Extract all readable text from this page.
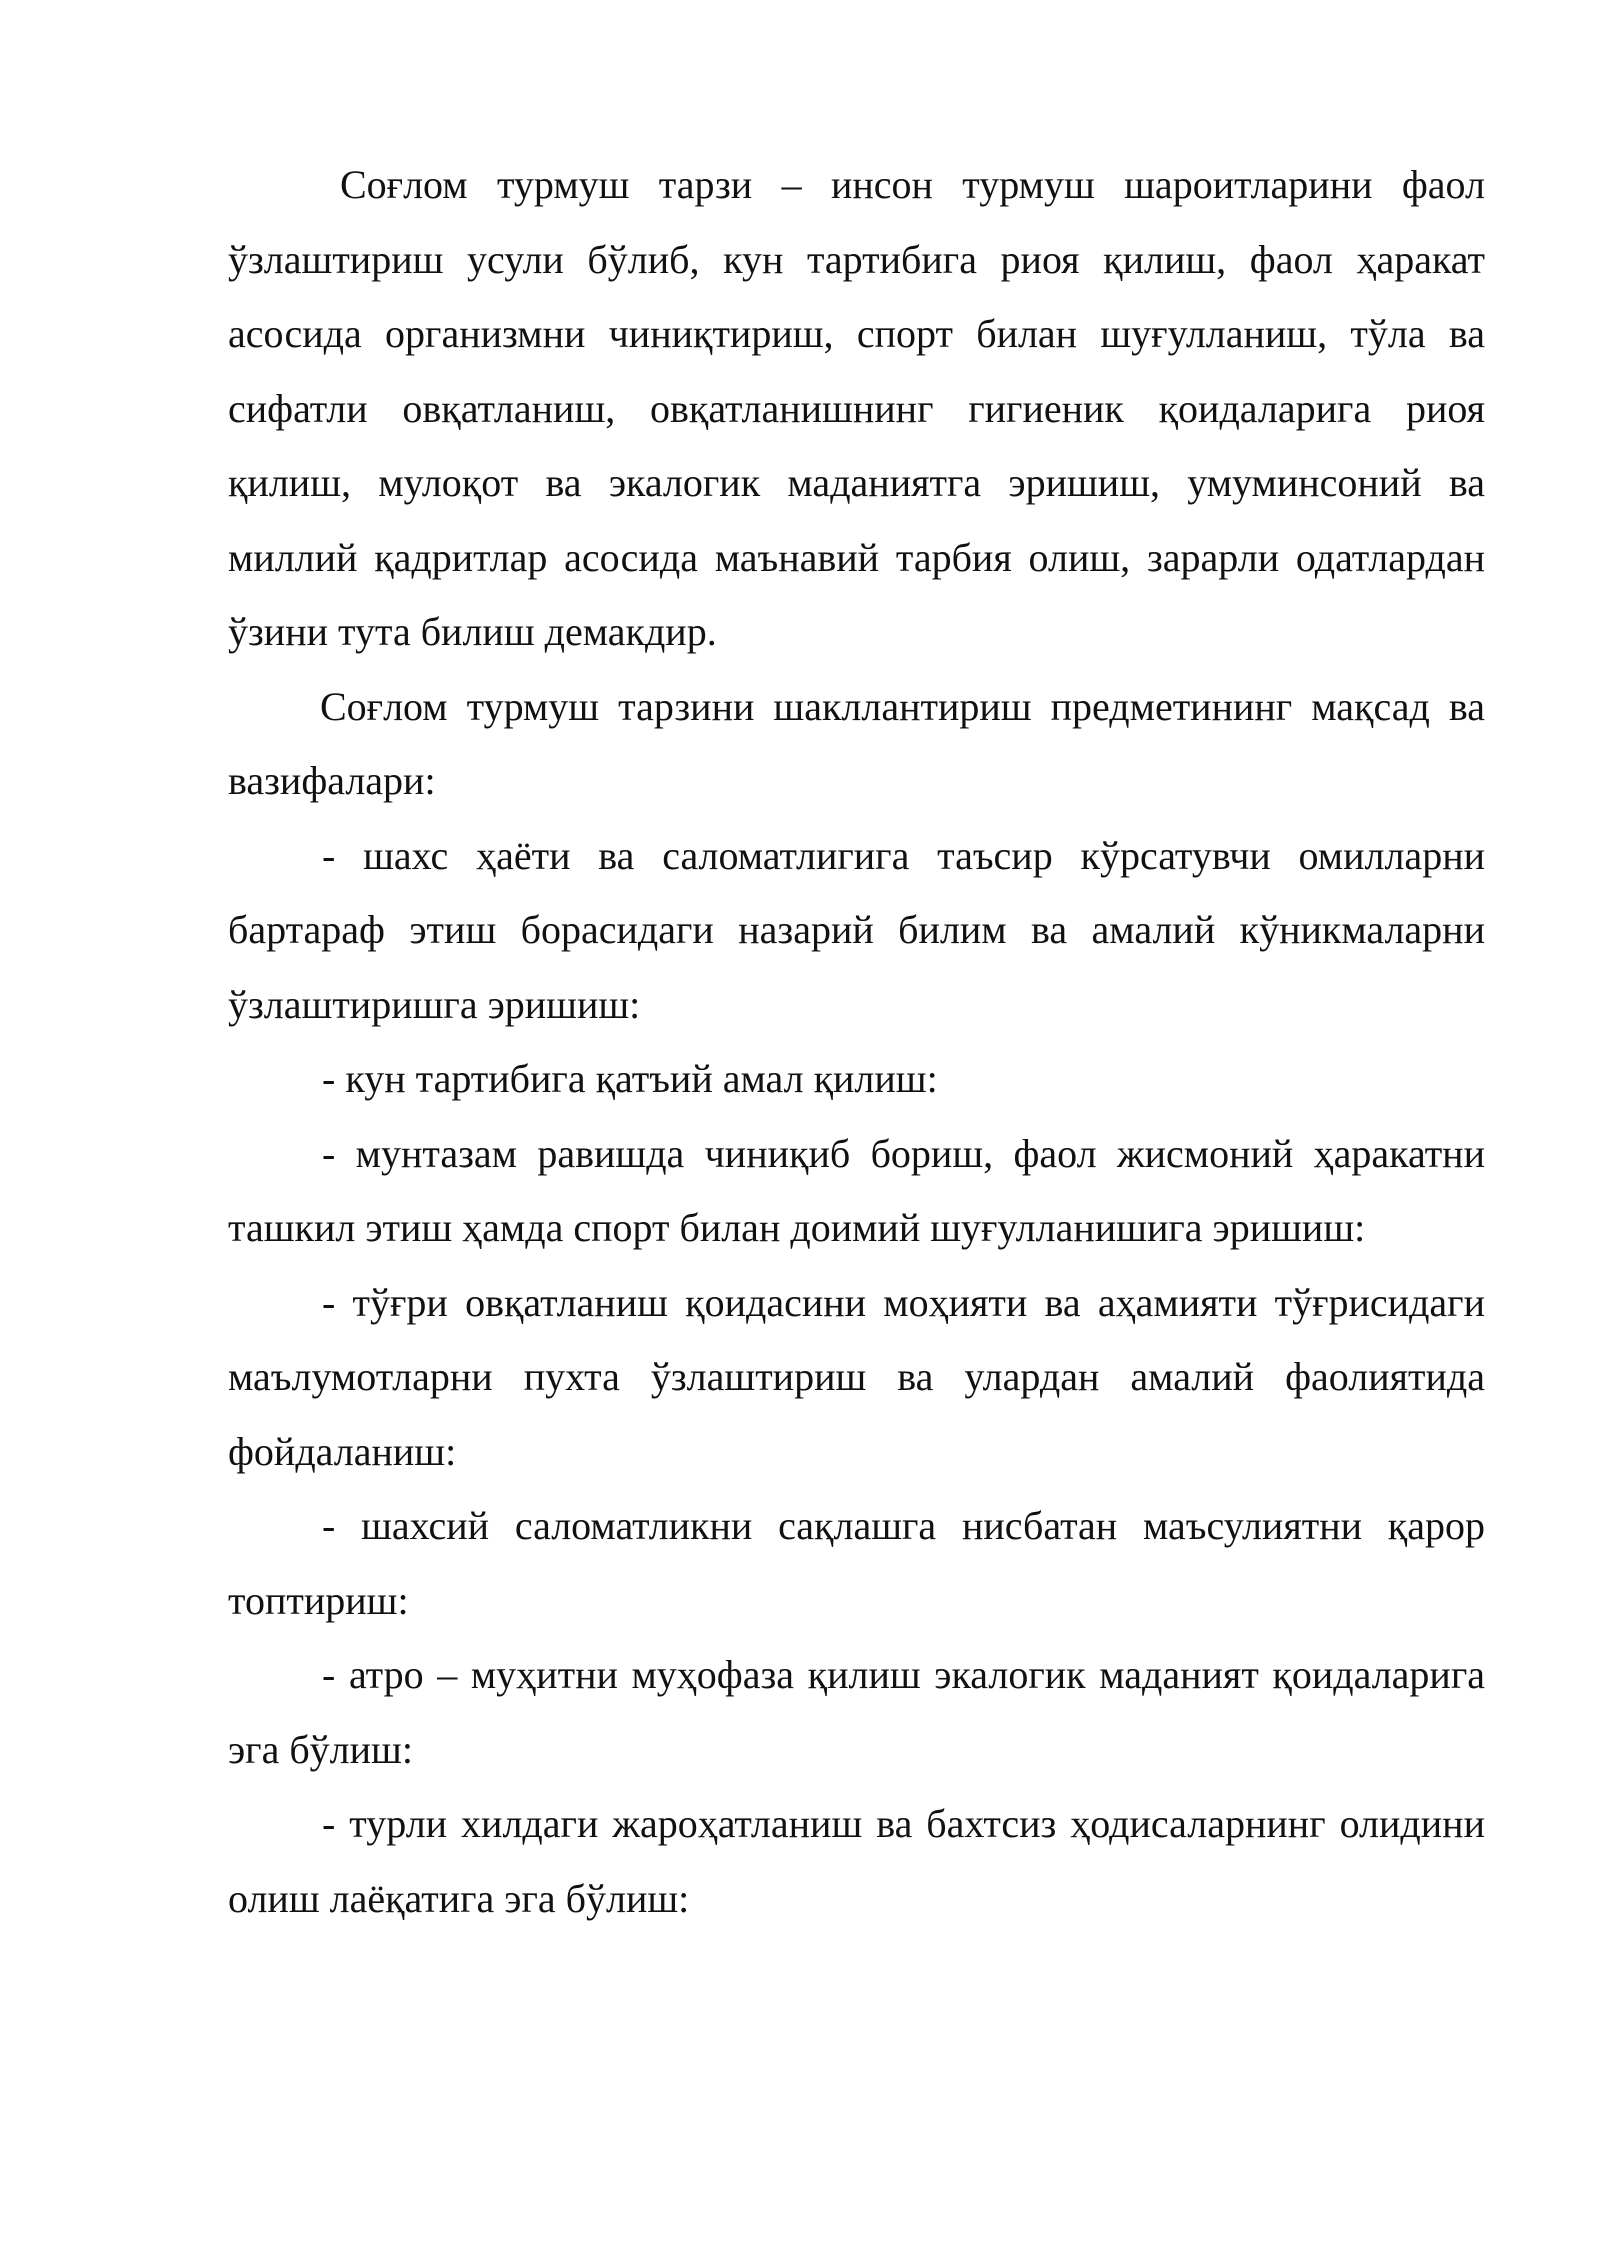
Соғлом турмуш тарзи – инсон турмуш шароитларини фаол ўзлаштириш усули бўлиб, кун тартибига риоя қилиш, фаол ҳаракат асосида организмни чиниқтириш, спорт билан шуғулланиш, тўла ва сифатли овқатланиш, овқатланишнинг гигиеник қоидаларига риоя қилиш, мулоқот ва экалогик маданиятга эришиш, умуминсоний ва миллий қадритлар асосида маънавий тарбия олиш, зарарли одатлардан ўзини тута билиш демакдир.

Соғлом турмуш тарзини шакллантириш предметининг мақсад ва вазифалари:

- шахс ҳаёти ва саломатлигига таъсир кўрсатувчи омилларни бартараф этиш борасидаги назарий билим ва амалий кўникмаларни ўзлаштиришга эришиш:

- кун тартибига қатъий амал қилиш:

- мунтазам равишда чиниқиб бориш, фаол жисмоний ҳаракатни ташкил этиш ҳамда спорт билан доимий шуғулланишига эришиш:

- тўғри овқатланиш қоидасини моҳияти ва аҳамияти тўғрисидаги маълумотларни пухта ўзлаштириш ва улардан амалий фаолиятида фойдаланиш:

- шахсий саломатликни сақлашга нисбатан маъсулиятни қарор топтириш:

- атро – муҳитни муҳофаза қилиш экалогик маданият қоидаларига эга бўлиш:

- турли хилдаги жароҳатланиш ва бахтсиз ҳодисаларнинг олидини олиш лаёқатига эга бўлиш:
